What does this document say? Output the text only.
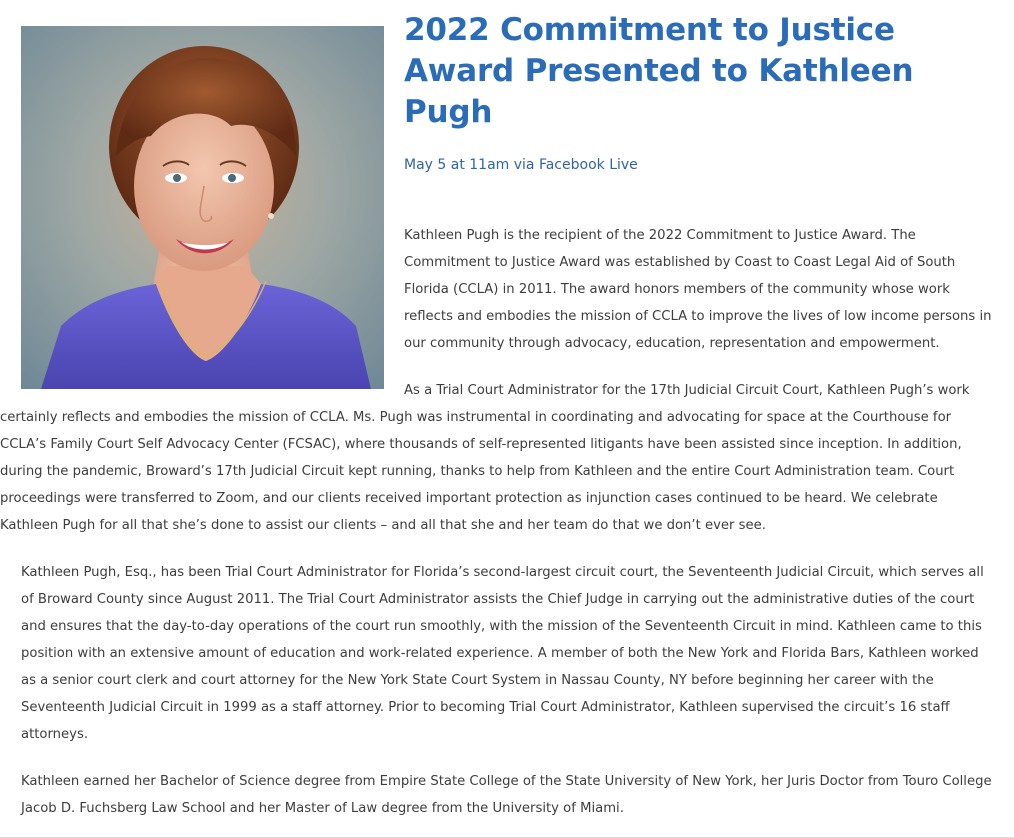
2022 Commitment to Justice Award Presented to Kathleen Pugh

May 5 at 11am via Facebook Live

Kathleen Pugh is the recipient of the 2022 Commitment to Justice Award. The Commitment to Justice Award was established by Coast to Coast Legal Aid of South Florida (CCLA) in 2011. The award honors members of the community whose work reflects and embodies the mission of CCLA to improve the lives of low income persons in our community through advocacy, education, representation and empowerment.

As a Trial Court Administrator for the 17th Judicial Circuit Court, Kathleen Pugh’s work certainly reflects and embodies the mission of CCLA. Ms. Pugh was instrumental in coordinating and advocating for space at the Courthouse for CCLA’s Family Court Self Advocacy Center (FCSAC), where thousands of self-represented litigants have been assisted since inception. In addition, during the pandemic, Broward’s 17th Judicial Circuit kept running, thanks to help from Kathleen and the entire Court Administration team. Court proceedings were transferred to Zoom, and our clients received important protection as injunction cases continued to be heard. We celebrate Kathleen Pugh for all that she’s done to assist our clients – and all that she and her team do that we don’t ever see.

Kathleen Pugh, Esq., has been Trial Court Administrator for Florida’s second-largest circuit court, the Seventeenth Judicial Circuit, which serves all of Broward County since August 2011. The Trial Court Administrator assists the Chief Judge in carrying out the administrative duties of the court and ensures that the day-to-day operations of the court run smoothly, with the mission of the Seventeenth Circuit in mind. Kathleen came to this position with an extensive amount of education and work-related experience. A member of both the New York and Florida Bars, Kathleen worked as a senior court clerk and court attorney for the New York State Court System in Nassau County, NY before beginning her career with the Seventeenth Judicial Circuit in 1999 as a staff attorney. Prior to becoming Trial Court Administrator, Kathleen supervised the circuit’s 16 staff attorneys.

Kathleen earned her Bachelor of Science degree from Empire State College of the State University of New York, her Juris Doctor from Touro College Jacob D. Fuchsberg Law School and her Master of Law degree from the University of Miami.
